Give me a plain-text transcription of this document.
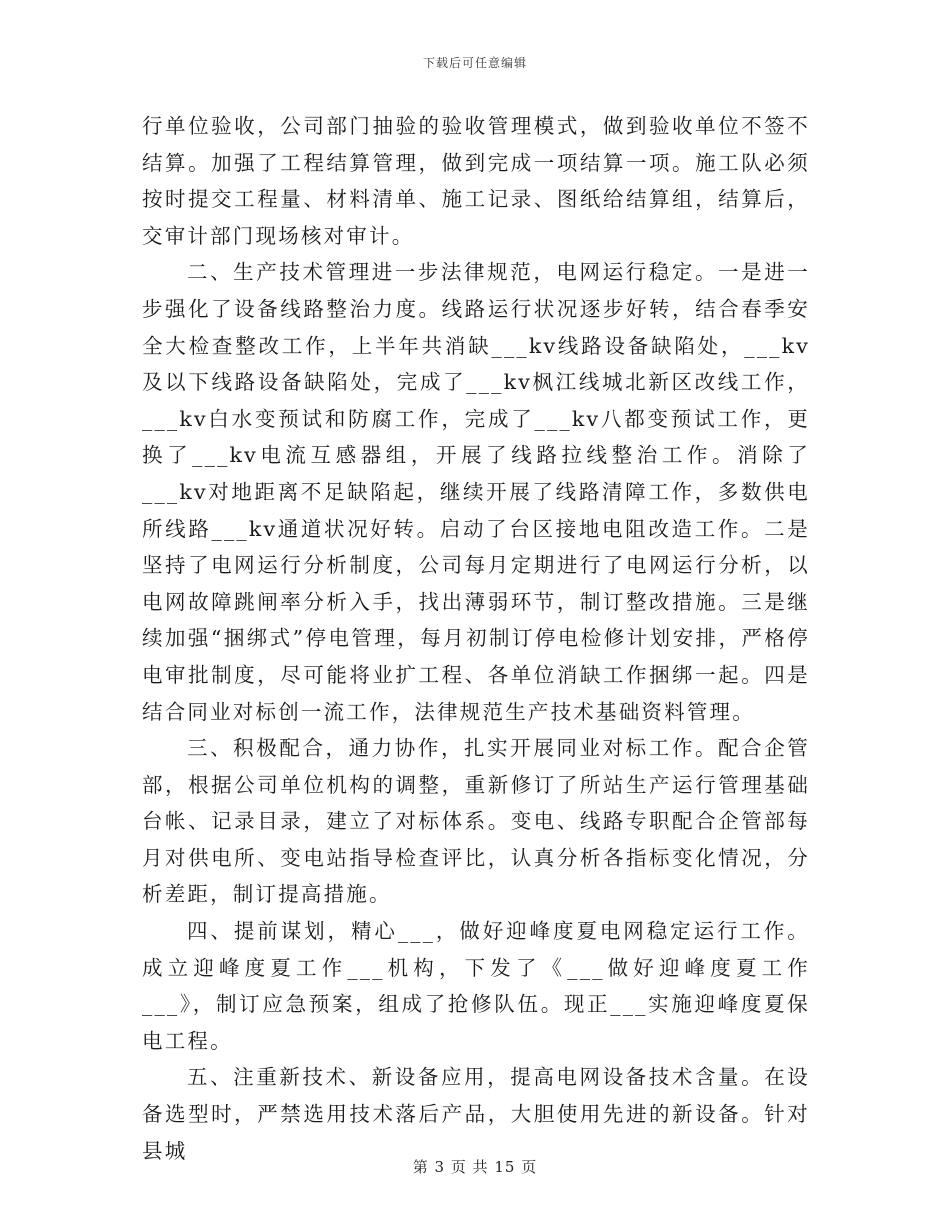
下载后可任意编辑

行单位验收，公司部门抽验的验收管理模式，做到验收单位不签不结算。加强了工程结算管理，做到完成一项结算一项。施工队必须按时提交工程量、材料清单、施工记录、图纸给结算组，结算后，交审计部门现场核对审计。

二、生产技术管理进一步法律规范，电网运行稳定。一是进一步强化了设备线路整治力度。线路运行状况逐步好转，结合春季安全大检查整改工作，上半年共消缺___kv线路设备缺陷处，___kv及以下线路设备缺陷处，完成了___kv枫江线城北新区改线工作，___kv白水变预试和防腐工作，完成了___kv八都变预试工作，更换了___kv电流互感器组，开展了线路拉线整治工作。消除了___kv对地距离不足缺陷起，继续开展了线路清障工作，多数供电所线路___kv通道状况好转。启动了台区接地电阻改造工作。二是坚持了电网运行分析制度，公司每月定期进行了电网运行分析，以电网故障跳闸率分析入手，找出薄弱环节，制订整改措施。三是继续加强“捆绑式”停电管理，每月初制订停电检修计划安排，严格停电审批制度，尽可能将业扩工程、各单位消缺工作捆绑一起。四是结合同业对标创一流工作，法律规范生产技术基础资料管理。

三、积极配合，通力协作，扎实开展同业对标工作。配合企管部，根据公司单位机构的调整，重新修订了所站生产运行管理基础台帐、记录目录，建立了对标体系。变电、线路专职配合企管部每月对供电所、变电站指导检查评比，认真分析各指标变化情况，分析差距，制订提高措施。

四、提前谋划，精心___，做好迎峰度夏电网稳定运行工作。成立迎峰度夏工作___机构，下发了《___做好迎峰度夏工作___》，制订应急预案，组成了抢修队伍。现正___实施迎峰度夏保电工程。

五、注重新技术、新设备应用，提高电网设备技术含量。在设备选型时，严禁选用技术落后产品，大胆使用先进的新设备。针对县城

第 3 页 共 15 页
